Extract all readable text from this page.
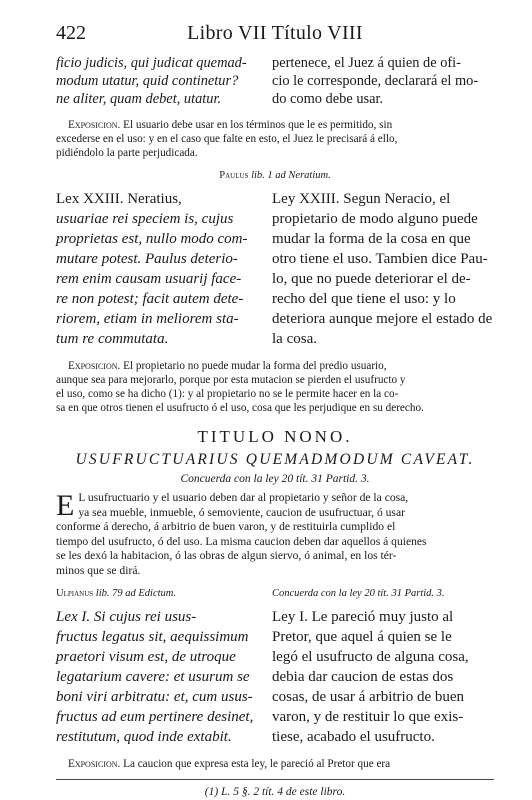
422	Libro VII Título VIII
ficio judicis, qui judicat quemad-
modum utatur, quid continetur?
ne aliter, quam debet, utatur.
pertenece, el Juez á quien de ofi-
cio le corresponde, declarará el mo-
do como debe usar.
Exposicion. El usuario debe usar en los términos que le es permitido, sin
excederse en el uso: y en el caso que falte en esto, el Juez le precisará á ello,
pidiéndolo la parte perjudicada.
Paulus lib. 1 ad Neratium.
Lex XXIII. Neratius,
usuariae rei speciem is, cujus
proprietas est, nullo modo com-
mutare potest. Paulus deterio-
rem enim causam usuarij face-
re non potest; facit autem dete-
riorem, etiam in meliorem sta-
tum re commutata.
Ley XXIII. Segun Neracio, el
propietario de modo alguno puede
mudar la forma de la cosa en que
otro tiene el uso. Tambien dice Pau-
lo, que no puede deteriorar el de-
recho del que tiene el uso: y lo
deteriora aunque mejore el estado de
la cosa.
Exposicion. El propietario no puede mudar la forma del predio usuario,
aunque sea para mejorarlo, porque por esta mutacion se pierden el usufructo y
el uso, como se ha dicho (1): y al propietario no se le permite hacer en la co-
sa en que otros tienen el usufructo ó el uso, cosa que les perjudique en su derecho.
TITULO NONO.
USUFRUCTUARIUS QUEMADMODUM CAVEAT.
Concuerda con la ley 20 tít. 31 Partid. 3.
E L usufructuario y el usuario deben dar al propietario y señor de la cosa,
ya sea mueble, inmueble, ó semoviente, caucion de usufructuar, ó usar
conforme á derecho, á arbitrio de buen varon, y de restituirla cumplido el
tiempo del usufructo, ó del uso. La misma caucion deben dar aquellos á quienes
se les dexó la habitacion, ó las obras de algun siervo, ó animal, en los tér-
minos que se dirá.
Ulpianus lib. 79 ad Edictum.	Concuerda con la ley 20 tít. 31 Partid. 3.
Lex I. Si cujus rei usus-
fructus legatus sit, aequissimum
praetori visum est, de utroque
legatarium cavere: et usurum se
boni viri arbitratu: et, cum usus-
fructus ad eum pertinere desinet,
restitutum, quod inde extabit.
Ley I. Le pareció muy justo al
Pretor, que aquel á quien se le
legó el usufructo de alguna cosa,
debia dar caucion de estas dos
cosas, de usar á arbitrio de buen
varon, y de restituir lo que exis-
tiese, acabado el usufructo.
Exposicion. La caucion que expresa esta ley, le pareció al Pretor que era
(1) L. 5 §. 2 tít. 4 de este libro.
